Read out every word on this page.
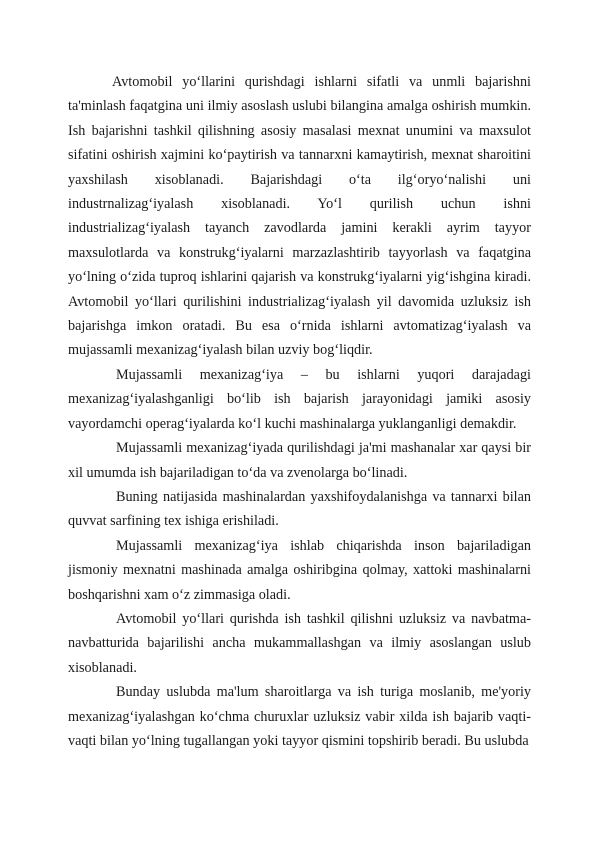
Avtomobil yo‘llarini qurishdagi ishlarni sifatli va unmli bajarishni ta'minlash faqatgina uni ilmiy asoslash uslubi bilangina amalga oshirish mumkin. Ish bajarishni tashkil qilishning asosiy masalasi mexnat unumini va maxsulot sifatini oshirish xajmini ko‘paytirish va tannarxni kamaytirish, mexnat sharoitini yaxshilash xisoblanadi. Bajarishdagi o‘ta ilg‘oryo‘nalishi uni industrnalizag‘iyalash xisoblanadi. Yo‘l qurilish uchun ishni industrializag‘iyalash tayanch zavodlarda jamini kerakli ayrim tayyor maxsulotlarda va konstrukg‘iyalarni marzazlashtirib tayyorlash va faqatgina yo‘lning o‘zida tuproq ishlarini qajarish va konstrukg‘iyalarni yig‘ishgina kiradi. Avtomobil yo‘llari qurilishini industrializag‘iyalash yil davomida uzluksiz ish bajarishga imkon oratadi. Bu esa o‘rnida ishlarni avtomatizag‘iyalash va mujassamli mexanizag‘iyalash bilan uzviy bog‘liqdir.

Mujassamli mexanizag‘iya – bu ishlarni yuqori darajadagi mexanizag‘iyalashganligi bo‘lib ish bajarish jarayonidagi jamiki asosiy vayordamchi operag‘iyalarda ko‘l kuchi mashinalarga yuklanganligi demakdir.

Mujassamli mexanizag‘iyada qurilishdagi ja'mi mashanalar xar qaysi bir xil umumda ish bajariladigan to‘da va zvenolarga bo‘linadi.

Buning natijasida mashinalardan yaxshifoydalanishga va tannarxi bilan quvvat sarfining tex ishiga erishiladi.

Mujassamli mexanizag‘iya ishlab chiqarishda inson bajariladigan jismoniy mexnatni mashinada amalga oshiribgina qolmay, xattoki mashinalarni boshqarishni xam o‘z zimmasiga oladi.

Avtomobil yo‘llari qurishda ish tashkil qilishni uzluksiz va navbatma-navbatturida bajarilishi ancha mukammallashgan va ilmiy asoslangan uslub xisoblanadi.

Bunday uslubda ma'lum sharoitlarga va ish turiga moslanib, me'yoriy mexanizag‘iyalashgan ko‘chma churuxlar uzluksiz vabir xilda ish bajarib vaqti-vaqti bilan yo‘lning tugallangan yoki tayyor qismini topshirib beradi. Bu uslubda
